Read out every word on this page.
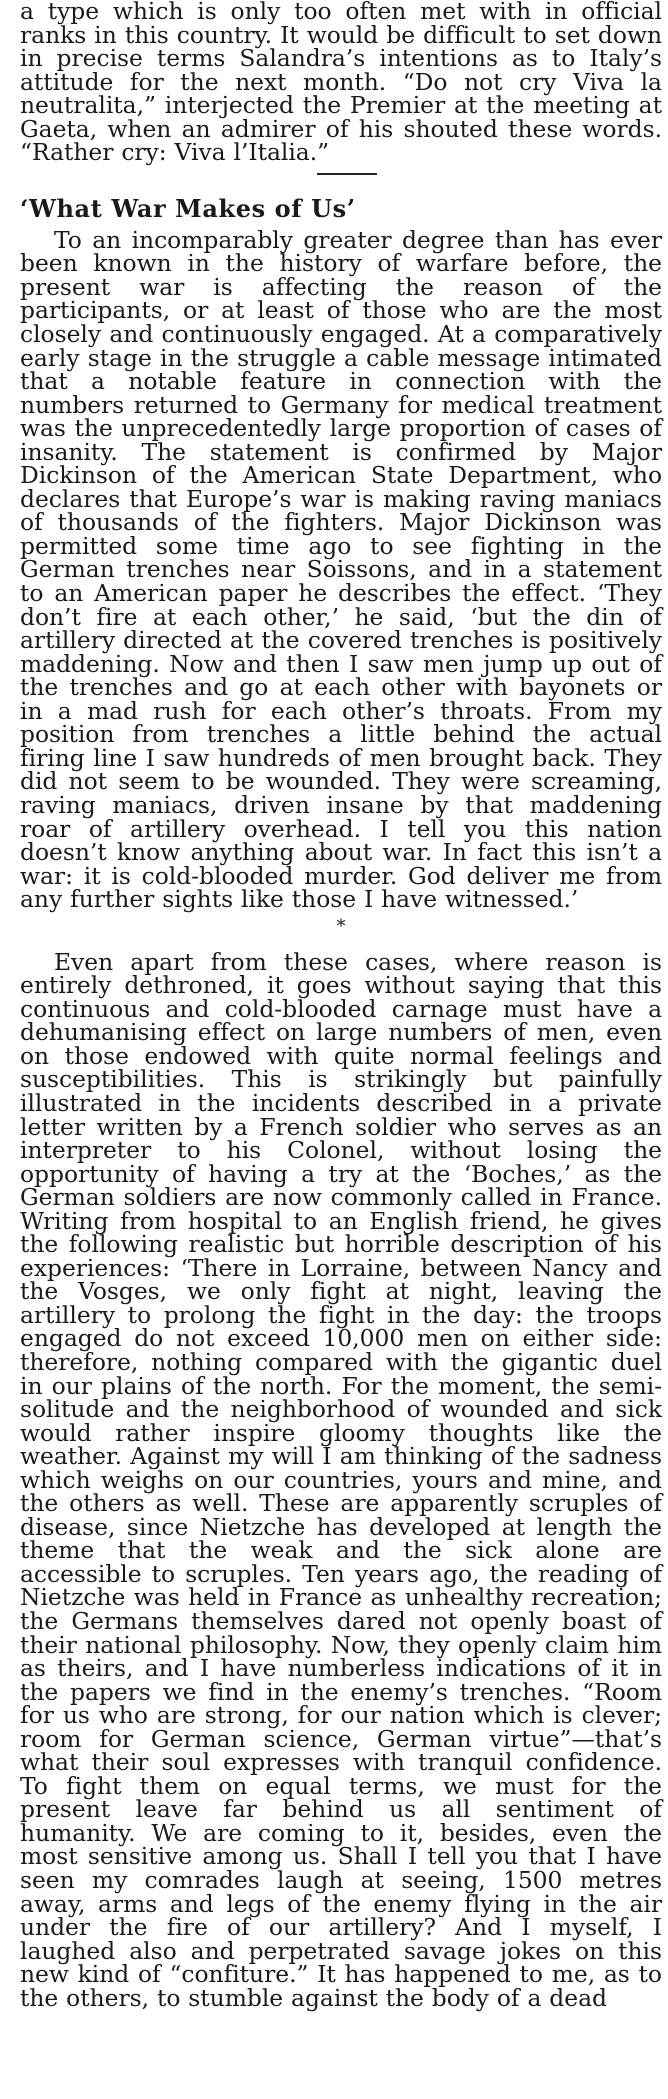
a type which is only too often met with in official ranks in this country. It would be difficult to set down in precise terms Salandra’s intentions as to Italy’s attitude for the next month. “Do not cry Viva la neutralita,” interjected the Premier at the meeting at Gaeta, when an admirer of his shouted these words. “Rather cry: Viva l’Italia.”

‘What War Makes of Us’

To an incomparably greater degree than has ever been known in the history of warfare before, the present war is affecting the reason of the participants, or at least of those who are the most closely and continuously engaged. At a comparatively early stage in the struggle a cable message intimated that a notable feature in connection with the numbers returned to Germany for medical treatment was the unprecedentedly large proportion of cases of insanity. The statement is confirmed by Major Dickinson of the American State Department, who declares that Europe’s war is making raving maniacs of thousands of the fighters. Major Dickinson was permitted some time ago to see fighting in the German trenches near Soissons, and in a statement to an American paper he describes the effect. ‘They don’t fire at each other,’ he said, ‘but the din of artillery directed at the covered trenches is positively maddening. Now and then I saw men jump up out of the trenches and go at each other with bayonets or in a mad rush for each other’s throats. From my position from trenches a little behind the actual firing line I saw hundreds of men brought back. They did not seem to be wounded. They were screaming, raving maniacs, driven insane by that maddening roar of artillery overhead. I tell you this nation doesn’t know anything about war. In fact this isn’t a war: it is cold-blooded murder. God deliver me from any further sights like those I have witnessed.’

*

Even apart from these cases, where reason is entirely dethroned, it goes without saying that this continuous and cold-blooded carnage must have a dehumanising effect on large numbers of men, even on those endowed with quite normal feelings and susceptibilities. This is strikingly but painfully illustrated in the incidents described in a private letter written by a French soldier who serves as an interpreter to his Colonel, without losing the opportunity of having a try at the ‘Boches,’ as the German soldiers are now commonly called in France. Writing from hospital to an English friend, he gives the following realistic but horrible description of his experiences: ‘There in Lorraine, between Nancy and the Vosges, we only fight at night, leaving the artillery to prolong the fight in the day: the troops engaged do not exceed 10,000 men on either side: therefore, nothing compared with the gigantic duel in our plains of the north. For the moment, the semi-solitude and the neighborhood of wounded and sick would rather inspire gloomy thoughts like the weather. Against my will I am thinking of the sadness which weighs on our countries, yours and mine, and the others as well. These are apparently scruples of disease, since Nietzche has developed at length the theme that the weak and the sick alone are accessible to scruples. Ten years ago, the reading of Nietzche was held in France as unhealthy recreation; the Germans themselves dared not openly boast of their national philosophy. Now, they openly claim him as theirs, and I have numberless indications of it in the papers we find in the enemy’s trenches. “Room for us who are strong, for our nation which is clever; room for German science, German virtue”—that’s what their soul expresses with tranquil confidence. To fight them on equal terms, we must for the present leave far behind us all sentiment of humanity. We are coming to it, besides, even the most sensitive among us. Shall I tell you that I have seen my comrades laugh at seeing, 1500 metres away, arms and legs of the enemy flying in the air under the fire of our artillery? And I myself, I laughed also and perpetrated savage jokes on this new kind of “confiture.” It has happened to me, as to the others, to stumble against the body of a dead
